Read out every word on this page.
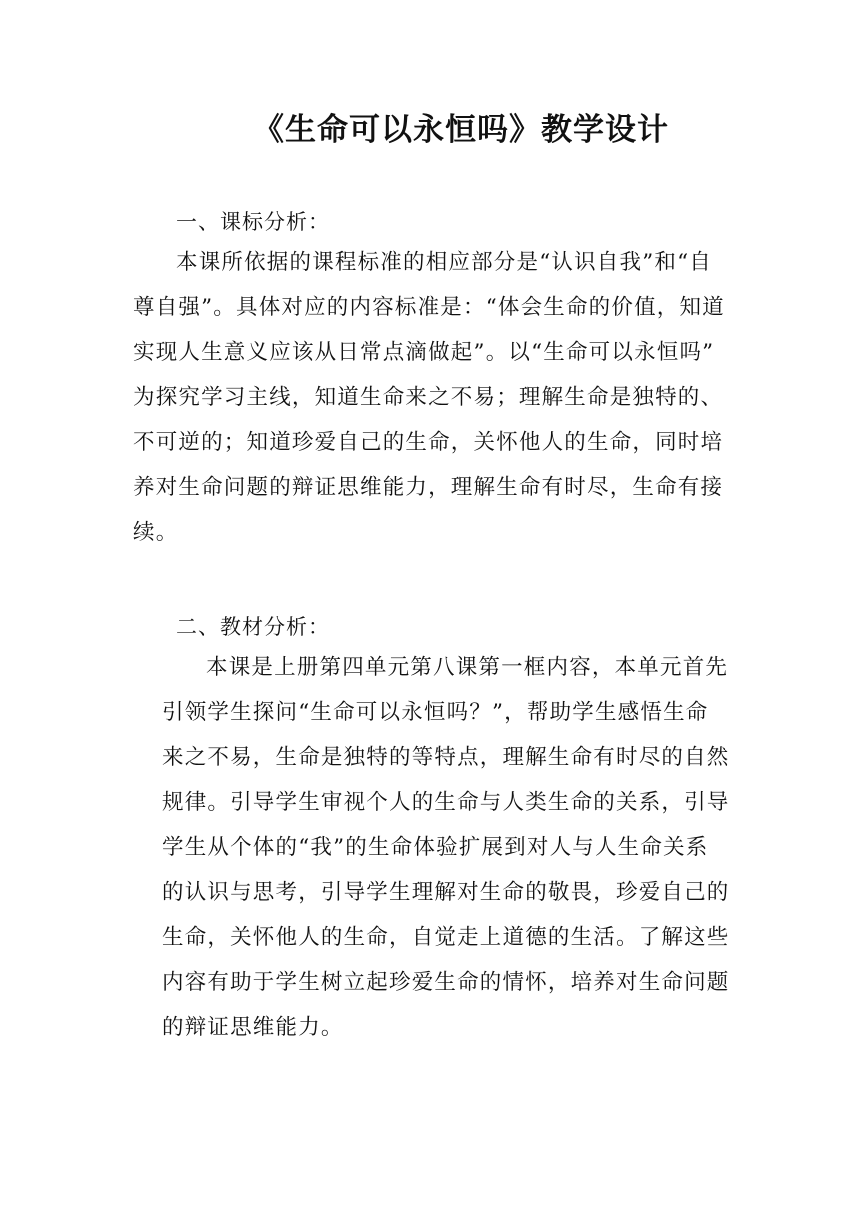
《生命可以永恒吗》教学设计
一、课标分析：
本课所依据的课程标准的相应部分是“认识自我”和“自
尊自强”。具体对应的内容标准是：“体会生命的价值，知道
实现人生意义应该从日常点滴做起”。以“生命可以永恒吗”
为探究学习主线，知道生命来之不易；理解生命是独特的、
不可逆的；知道珍爱自己的生命，关怀他人的生命，同时培
养对生命问题的辩证思维能力，理解生命有时尽，生命有接
续。
二、教材分析：
本课是上册第四单元第八课第一框内容，本单元首先
引领学生探问“生命可以永恒吗？”，帮助学生感悟生命
来之不易，生命是独特的等特点，理解生命有时尽的自然
规律。引导学生审视个人的生命与人类生命的关系，引导
学生从个体的“我”的生命体验扩展到对人与人生命关系
的认识与思考，引导学生理解对生命的敬畏，珍爱自己的
生命，关怀他人的生命，自觉走上道德的生活。了解这些
内容有助于学生树立起珍爱生命的情怀，培养对生命问题
的辩证思维能力。
